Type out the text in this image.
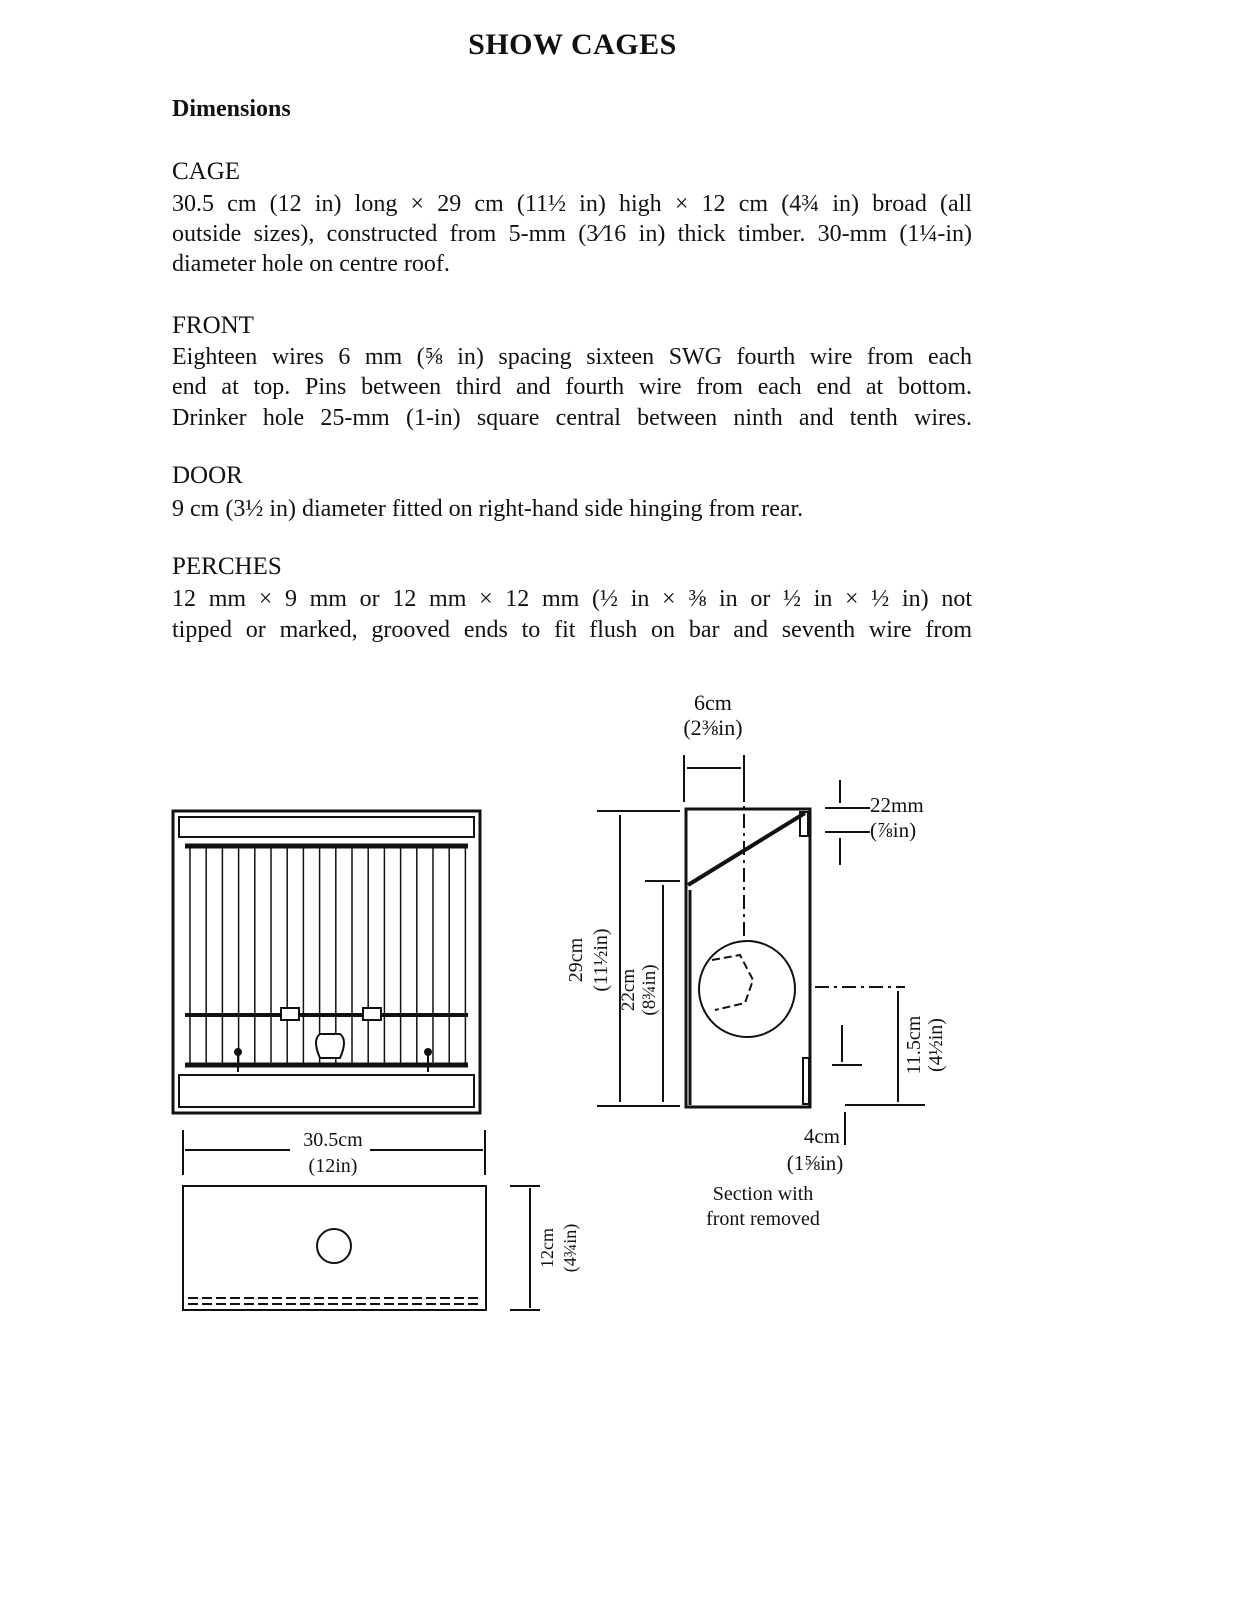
SHOW CAGES
Dimensions
CAGE
30.5 cm (12 in) long × 29 cm (11½ in) high × 12 cm (4¾ in) broad (all
outside sizes), constructed from 5-mm (3⁄16 in) thick timber. 30-mm (1¼-in)
diameter hole on centre roof.
FRONT
Eighteen wires 6 mm (⅝ in) spacing sixteen SWG fourth wire from each
end at top. Pins between third and fourth wire from each end at bottom.
Drinker hole 25-mm (1-in) square central between ninth and tenth wires.
DOOR
9 cm (3½ in) diameter fitted on right-hand side hinging from rear.
PERCHES
12 mm × 9 mm or 12 mm × 12 mm (½ in × ⅜ in or ½ in × ½ in) not
tipped or marked, grooved ends to fit flush on bar and seventh wire from
30.5cm
(12in)
12cm (4¾in)
6cm
(2⅜in)
22mm
(⅞in)
29cm (11½in) 22cm (8¾in)
11.5cm (4½in)
4cm
(1⅝in)
Section with
front removed
